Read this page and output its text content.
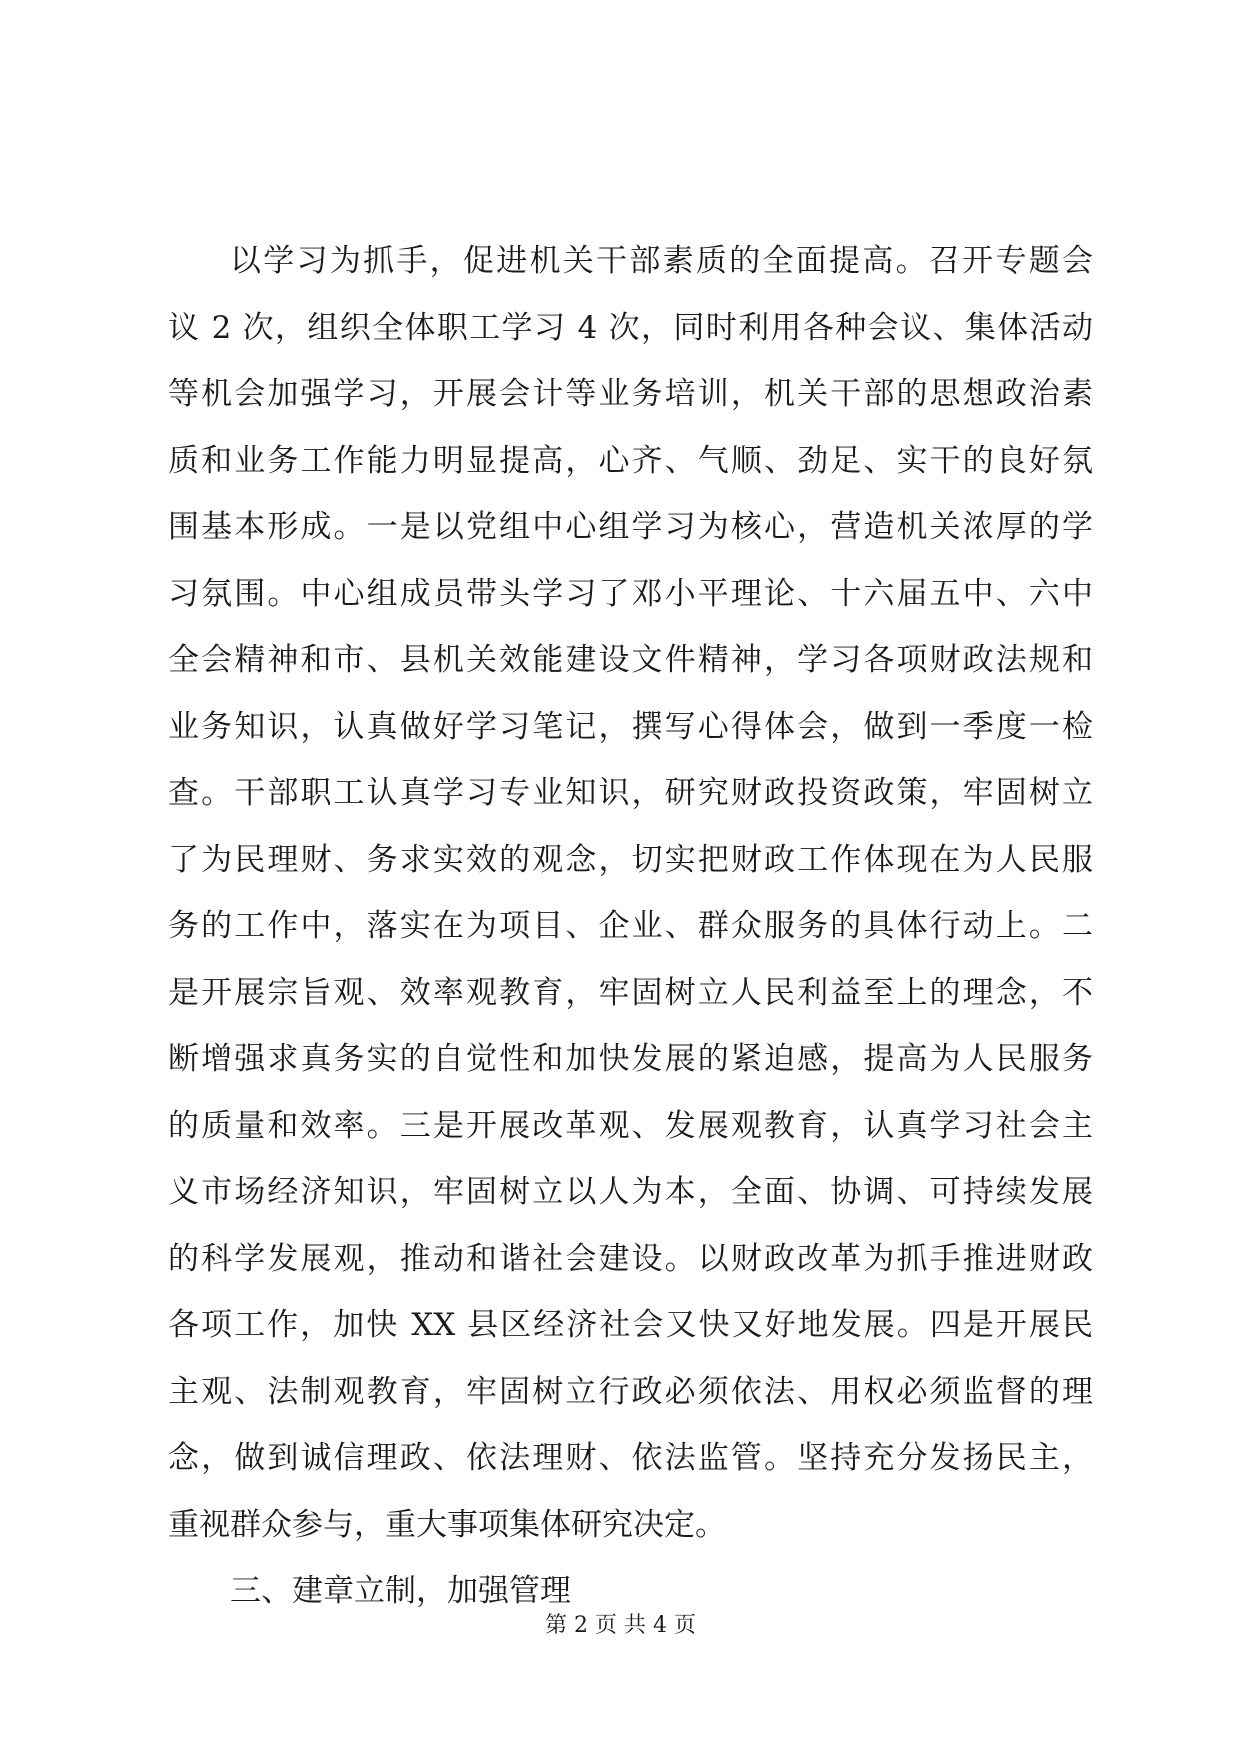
以学习为抓手，促进机关干部素质的全面提高。召开专题会
议 2 次，组织全体职工学习 4 次，同时利用各种会议、集体活动
等机会加强学习，开展会计等业务培训，机关干部的思想政治素
质和业务工作能力明显提高，心齐、气顺、劲足、实干的良好氛
围基本形成。一是以党组中心组学习为核心，营造机关浓厚的学
习氛围。中心组成员带头学习了邓小平理论、十六届五中、六中
全会精神和市、县机关效能建设文件精神，学习各项财政法规和
业务知识，认真做好学习笔记，撰写心得体会，做到一季度一检
查。干部职工认真学习专业知识，研究财政投资政策，牢固树立
了为民理财、务求实效的观念，切实把财政工作体现在为人民服
务的工作中，落实在为项目、企业、群众服务的具体行动上。二
是开展宗旨观、效率观教育，牢固树立人民利益至上的理念，不
断增强求真务实的自觉性和加快发展的紧迫感，提高为人民服务
的质量和效率。三是开展改革观、发展观教育，认真学习社会主
义市场经济知识，牢固树立以人为本，全面、协调、可持续发展
的科学发展观，推动和谐社会建设。以财政改革为抓手推进财政
各项工作，加快 XX 县区经济社会又快又好地发展。四是开展民
主观、法制观教育，牢固树立行政必须依法、用权必须监督的理
念，做到诚信理政、依法理财、依法监管。坚持充分发扬民主，
重视群众参与，重大事项集体研究决定。
三、建章立制，加强管理
第 2 页 共 4 页
